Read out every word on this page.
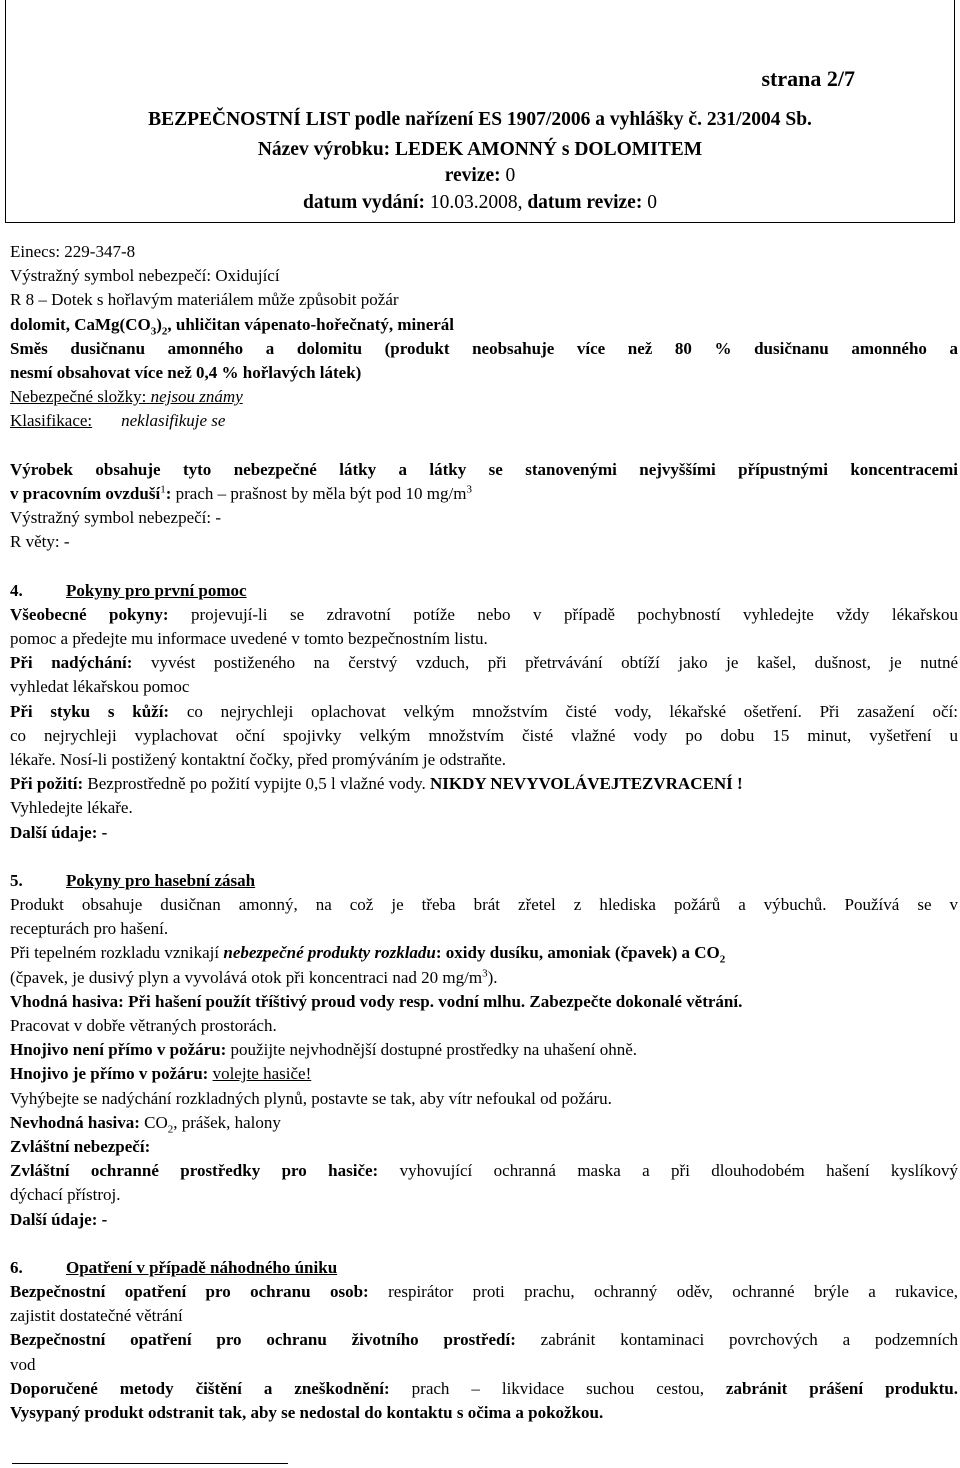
strana 2/7
BEZPEČNOSTNÍ LIST podle nařízení ES 1907/2006 a vyhlášky č. 231/2004 Sb.
Název výrobku: LEDEK AMONNÝ s DOLOMITEM
revize: 0
datum vydání: 10.03.2008, datum revize: 0
Einecs: 229-347-8
Výstražný symbol nebezpečí: Oxidující
R 8 – Dotek s hořlavým materiálem může způsobit požár
dolomit, $CaMg(CO_3)_2$, uhličitan vápenato-hořečnatý, minerál
Směs dusičnanu amonného a dolomitu (produkt neobsahuje více než 80 % dusičnanu amonného a
nesmí obsahovat více než 0,4 % hořlavých látek)
Nebezpečné složky: nejsou známy
Klasifikace: neklasifikuje se
Výrobek obsahuje tyto nebezpečné látky a látky se stanovenými nejvyššími přípustnými koncentracemi
v pracovním ovzduší$^1$: prach – prašnost by měla být pod 10 $mg/m^3$
Výstražný symbol nebezpečí: -
R věty: -
4.	Pokyny pro první pomoc
Všeobecné pokyny: projevují-li se zdravotní potíže nebo v případě pochybností vyhledejte vždy lékařskou
pomoc a předejte mu informace uvedené v tomto bezpečnostním listu.
Při nadýchání: vyvést postiženého na čerstvý vzduch, při přetrvávání obtíží jako je kašel, dušnost, je nutné
vyhledat lékařskou pomoc
Při styku s kůží: co nejrychleji oplachovat velkým množstvím čisté vody, lékařské ošetření. Při zasažení očí:
co nejrychleji vyplachovat oční spojivky velkým množstvím čisté vlažné vody po dobu 15 minut, vyšetření u
lékaře. Nosí-li postižený kontaktní čočky, před promýváním je odstraňte.
Při požití: Bezprostředně po požití vypijte 0,5 l vlažné vody. NIKDY NEVYVOLÁVEJTEZVRACENÍ !
Vyhledejte lékaře.
Další údaje: -
5.	Pokyny pro hasební zásah
Produkt obsahuje dusičnan amonný, na což je třeba brát zřetel z hlediska požárů a výbuchů. Používá se v
recepturách pro hašení.
Při tepelném rozkladu vznikají nebezpečné produkty rozkladu: oxidy dusíku, amoniak (čpavek) a $CO_2$
(čpavek, je dusivý plyn a vyvolává otok při koncentraci nad 20 $mg/m^3$).
Vhodná hasiva: Při hašení použít tříštivý proud vody resp. vodní mlhu. Zabezpečte dokonalé větrání.
Pracovat v dobře větraných prostorách.
Hnojivo není přímo v požáru: použijte nejvhodnější dostupné prostředky na uhašení ohně.
Hnojivo je přímo v požáru: volejte hasiče!
Vyhýbejte se nadýchání rozkladných plynů, postavte se tak, aby vítr nefoukal od požáru.
Nevhodná hasiva: $CO_2$, prášek, halony
Zvláštní nebezpečí:
Zvláštní ochranné prostředky pro hasiče: vyhovující ochranná maska a při dlouhodobém hašení kyslíkový
dýchací přístroj.
Další údaje: -
6.	Opatření v případě náhodného úniku
Bezpečnostní opatření pro ochranu osob: respirátor proti prachu, ochranný oděv, ochranné brýle a rukavice,
zajistit dostatečné větrání
Bezpečnostní opatření pro ochranu životního prostředí: zabránit kontaminaci povrchových a podzemních
vod
Doporučené metody čištění a zneškodnění: prach – likvidace suchou cestou, zabránit prášení produktu.
Vysypaný produkt odstranit tak, aby se nedostal do kontaktu s očima a pokožkou.
